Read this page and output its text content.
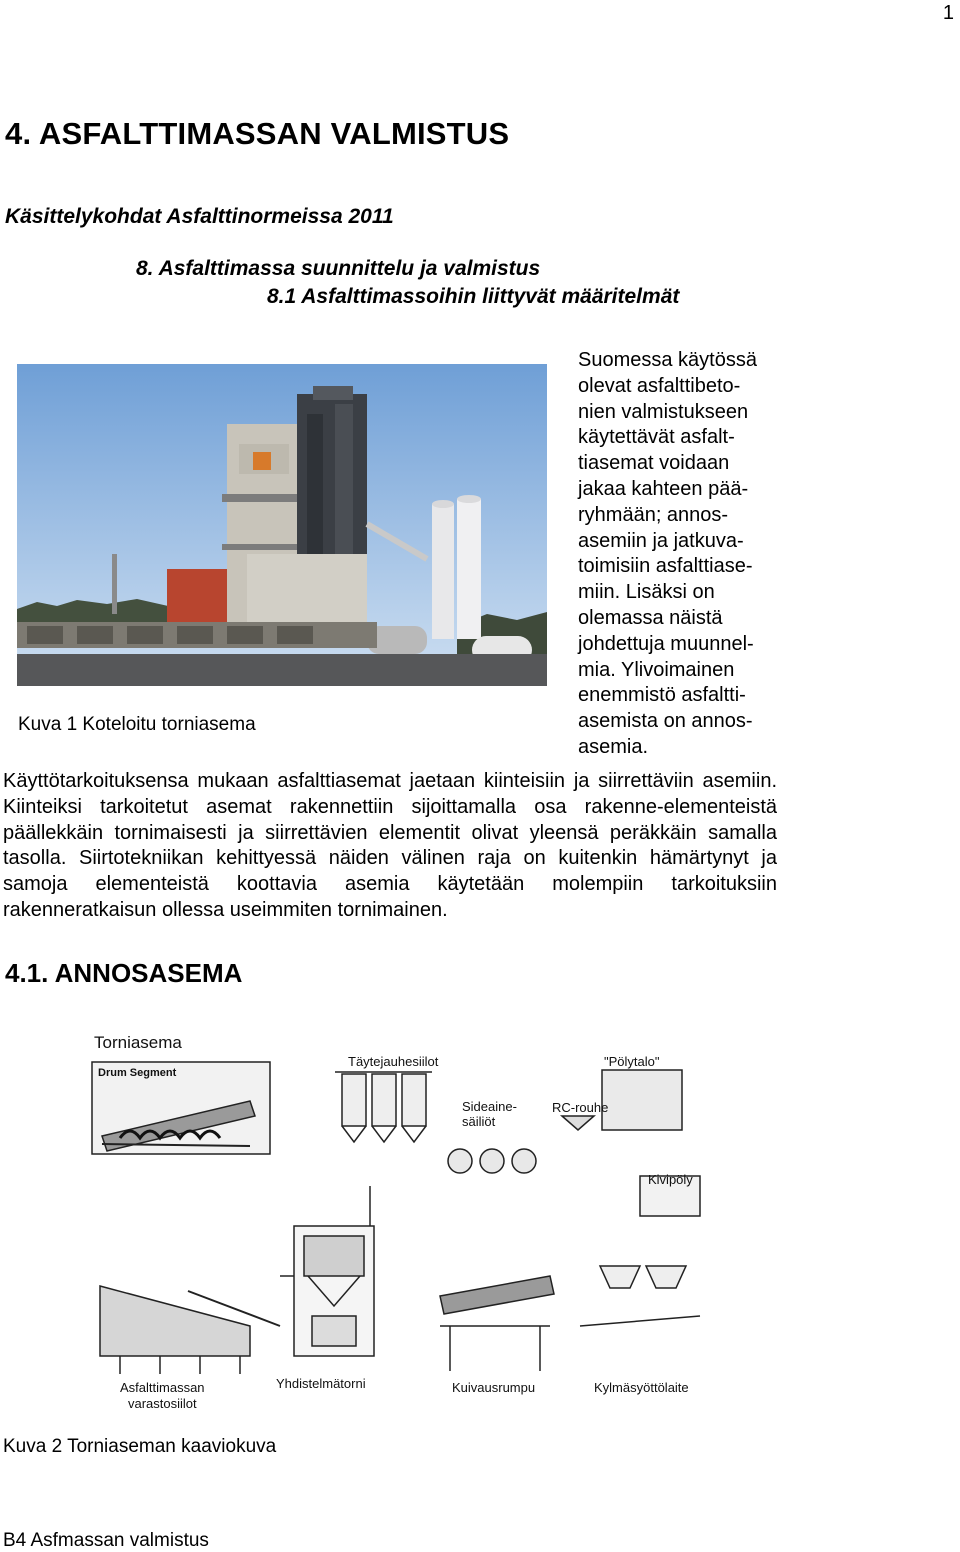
1
4. ASFALTTIMASSAN VALMISTUS
Käsittelykohdat Asfalttinormeissa 2011
8. Asfalttimassa suunnittelu ja valmistus
8.1 Asfalttimassoihin liittyvät määritelmät
Kuva 1 Koteloitu torniasema
Suomessa käytössä
olevat asfalttibeto-
nien valmistukseen
käytettävät asfalt-
tiasemat voidaan
jakaa kahteen pää-
ryhmään; annos-
asemiin ja jatkuva-
toimisiin asfalttiase-
miin. Lisäksi on
olemassa näistä
johdettuja muunnel-
mia. Ylivoimainen
enemmistö asfaltti-
asemista on annos-
asemia.
Käyttötarkoituksensa mukaan asfalttiasemat jaetaan kiinteisiin ja siirrettäviin asemiin. Kiinteiksi tarkoitetut asemat rakennettiin sijoittamalla osa rakenne-elementeistä päällekkäin tornimaisesti ja siirrettävien elementit olivat yleensä peräkkäin samalla tasolla. Siirtotekniikan kehittyessä näiden välinen raja on kuitenkin hämärtynyt ja samoja elementeistä koottavia asemia käytetään molempiin tarkoituksiin rakenneratkaisun ollessa useimmiten tornimainen.
4.1. ANNOSASEMA
Torniasema
Drum Segment
Täytejauhesiilot	"Pölytalo"
Sideaine-
säiliöt
RC-rouhe
Kivipöly
Asfalttimassan
varastosiilot
Yhdistelmätorni	Kuivausrumpu	Kylmäsyöttölaite
Kuva 2 Torniaseman kaaviokuva
B4 Asfmassan valmistus
